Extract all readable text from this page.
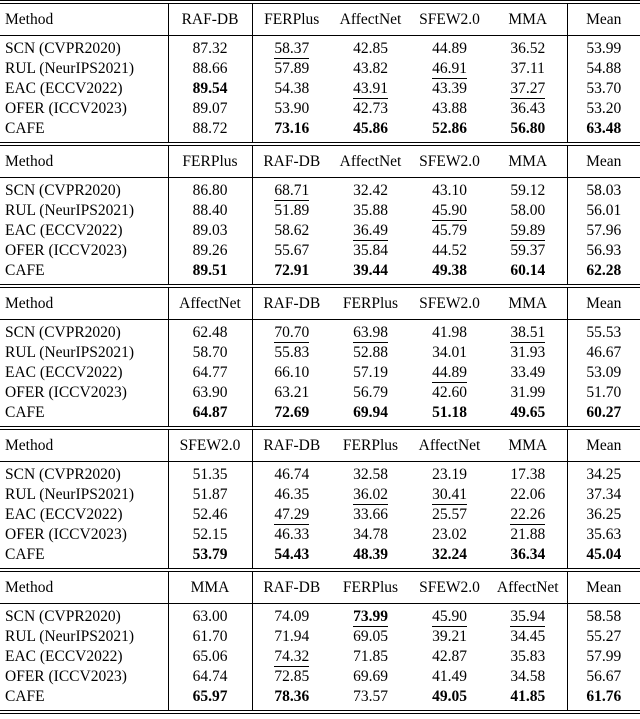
Method	RAF-DB	FERPlus	AffectNet	SFEW2.0	MMA	Mean
SCN (CVPR2020)	87.32	58.37	42.85	44.89	36.52	53.99
RUL (NeurIPS2021)	88.66	57.89	43.82	46.91	37.11	54.88
EAC (ECCV2022)	89.54	54.38	43.91	43.39	37.27	53.70
OFER (ICCV2023)	89.07	53.90	42.73	43.88	36.43	53.20
CAFE	88.72	73.16	45.86	52.86	56.80	63.48
Method	FERPlus	RAF-DB	AffectNet	SFEW2.0	MMA	Mean
SCN (CVPR2020)	86.80	68.71	32.42	43.10	59.12	58.03
RUL (NeurIPS2021)	88.40	51.89	35.88	45.90	58.00	56.01
EAC (ECCV2022)	89.03	58.62	36.49	45.79	59.89	57.96
OFER (ICCV2023)	89.26	55.67	35.84	44.52	59.37	56.93
CAFE	89.51	72.91	39.44	49.38	60.14	62.28
Method	AffectNet	RAF-DB	FERPlus	SFEW2.0	MMA	Mean
SCN (CVPR2020)	62.48	70.70	63.98	41.98	38.51	55.53
RUL (NeurIPS2021)	58.70	55.83	52.88	34.01	31.93	46.67
EAC (ECCV2022)	64.77	66.10	57.19	44.89	33.49	53.09
OFER (ICCV2023)	63.90	63.21	56.79	42.60	31.99	51.70
CAFE	64.87	72.69	69.94	51.18	49.65	60.27
Method	SFEW2.0	RAF-DB	FERPlus	AffectNet	MMA	Mean
SCN (CVPR2020)	51.35	46.74	32.58	23.19	17.38	34.25
RUL (NeurIPS2021)	51.87	46.35	36.02	30.41	22.06	37.34
EAC (ECCV2022)	52.46	47.29	33.66	25.57	22.26	36.25
OFER (ICCV2023)	52.15	46.33	34.78	23.02	21.88	35.63
CAFE	53.79	54.43	48.39	32.24	36.34	45.04
Method	MMA	RAF-DB	FERPlus	SFEW2.0	AffectNet	Mean
SCN (CVPR2020)	63.00	74.09	73.99	45.90	35.94	58.58
RUL (NeurIPS2021)	61.70	71.94	69.05	39.21	34.45	55.27
EAC (ECCV2022)	65.06	74.32	71.85	42.87	35.83	57.99
OFER (ICCV2023)	64.74	72.85	69.69	41.49	34.58	56.67
CAFE	65.97	78.36	73.57	49.05	41.85	61.76
